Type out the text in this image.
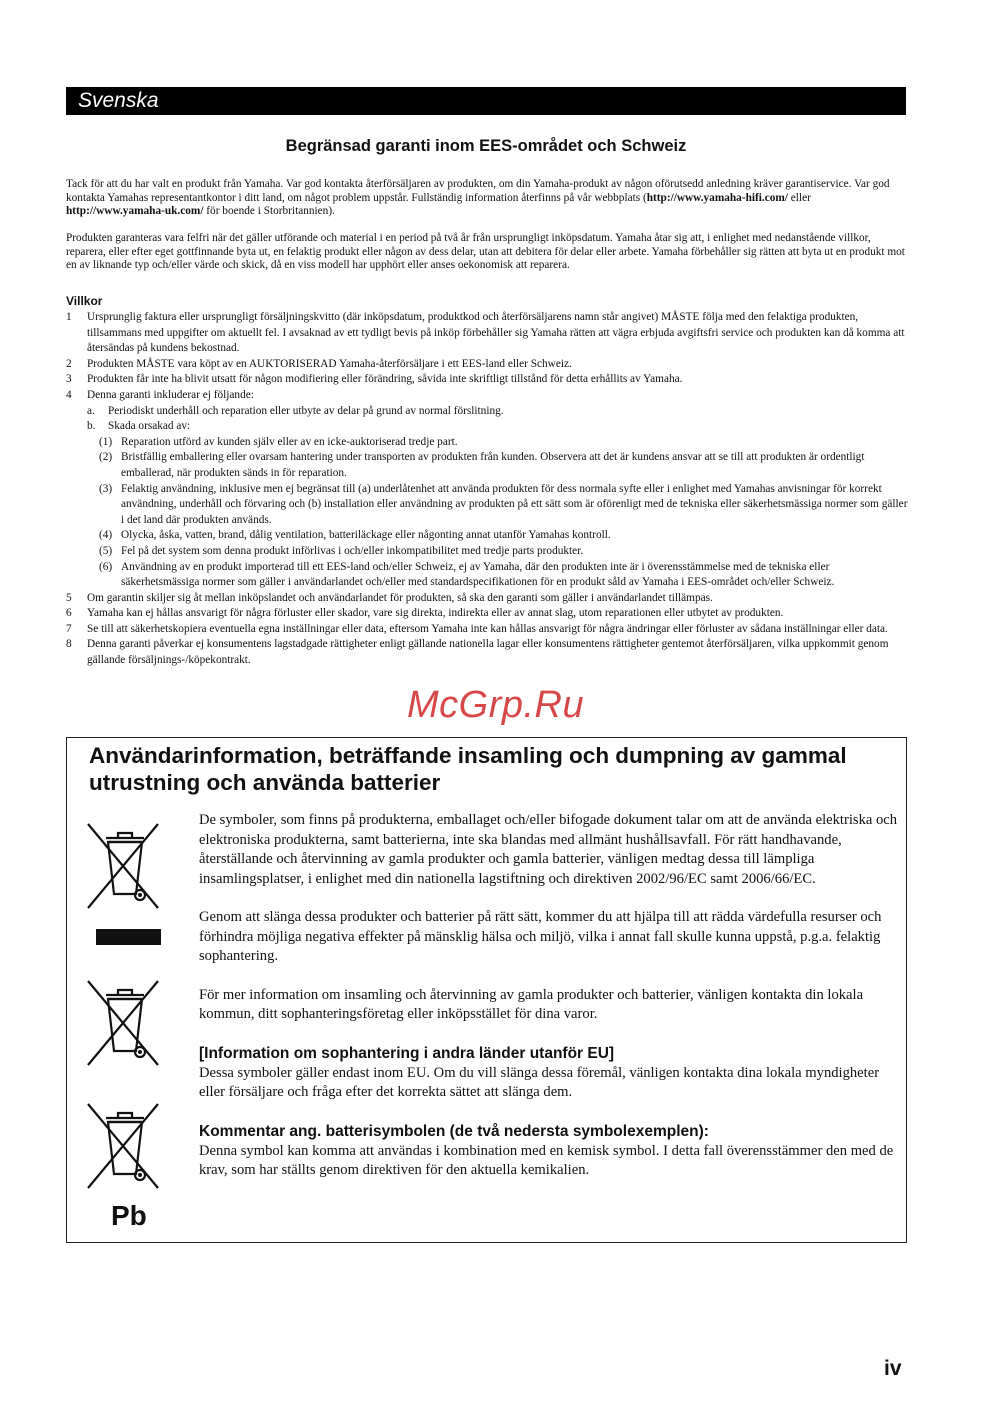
Svenska
Begränsad garanti inom EES-området och Schweiz
Tack för att du har valt en produkt från Yamaha. Var god kontakta återförsäljaren av produkten, om din Yamaha-produkt av någon oförutsedd anledning kräver garantiservice. Var god kontakta Yamahas representantkontor i ditt land, om något problem uppstår. Fullständig information återfinns på vår webbplats (http://www.yamaha-hifi.com/ eller http://www.yamaha-uk.com/ för boende i Storbritannien).
Produkten garanteras vara felfri när det gäller utförande och material i en period på två år från ursprungligt inköpsdatum. Yamaha åtar sig att, i enlighet med nedanstående villkor, reparera, eller efter eget gottfinnande byta ut, en felaktig produkt eller någon av dess delar, utan att debitera för delar eller arbete. Yamaha förbehåller sig rätten att byta ut en produkt mot en av liknande typ och/eller värde och skick, då en viss modell har upphört eller anses oekonomisk att reparera.
Villkor
1 Ursprunglig faktura eller ursprungligt försäljningskvitto (där inköpsdatum, produktkod och återförsäljarens namn står angivet) MÅSTE följa med den felaktiga produkten, tillsammans med uppgifter om aktuellt fel. I avsaknad av ett tydligt bevis på inköp förbehåller sig Yamaha rätten att vägra erbjuda avgiftsfri service och produkten kan då komma att återsändas på kundens bekostnad.
2 Produkten MÅSTE vara köpt av en AUKTORISERAD Yamaha-återförsäljare i ett EES-land eller Schweiz.
3 Produkten får inte ha blivit utsatt för någon modifiering eller förändring, såvida inte skriftligt tillstånd för detta erhållits av Yamaha.
4 Denna garanti inkluderar ej följande:
a. Periodiskt underhåll och reparation eller utbyte av delar på grund av normal förslitning.
b. Skada orsakad av:
(1) Reparation utförd av kunden själv eller av en icke-auktoriserad tredje part.
(2) Bristfällig emballering eller ovarsam hantering under transporten av produkten från kunden. Observera att det är kundens ansvar att se till att produkten är ordentligt emballerad, när produkten sänds in för reparation.
(3) Felaktig användning, inklusive men ej begränsat till (a) underlåtenhet att använda produkten för dess normala syfte eller i enlighet med Yamahas anvisningar för korrekt användning, underhåll och förvaring och (b) installation eller användning av produkten på ett sätt som är oförenligt med de tekniska eller säkerhetsmässiga normer som gäller i det land där produkten används.
(4) Olycka, åska, vatten, brand, dålig ventilation, batteriläckage eller någonting annat utanför Yamahas kontroll.
(5) Fel på det system som denna produkt införlivas i och/eller inkompatibilitet med tredje parts produkter.
(6) Användning av en produkt importerad till ett EES-land och/eller Schweiz, ej av Yamaha, där den produkten inte är i överensstämmelse med de tekniska eller säkerhetsmässiga normer som gäller i användarlandet och/eller med standardspecifikationen för en produkt såld av Yamaha i EES-området och/eller Schweiz.
5 Om garantin skiljer sig åt mellan inköpslandet och användarlandet för produkten, så ska den garanti som gäller i användarlandet tillämpas.
6 Yamaha kan ej hållas ansvarigt för några förluster eller skador, vare sig direkta, indirekta eller av annat slag, utom reparationen eller utbytet av produkten.
7 Se till att säkerhetskopiera eventuella egna inställningar eller data, eftersom Yamaha inte kan hållas ansvarigt för några ändringar eller förluster av sådana inställningar eller data.
8 Denna garanti påverkar ej konsumentens lagstadgade rättigheter enligt gällande nationella lagar eller konsumentens rättigheter gentemot återförsäljaren, vilka uppkommit genom gällande försäljnings-/köpekontrakt.
McGrp.Ru
Användarinformation, beträffande insamling och dumpning av gammal utrustning och använda batterier

De symboler, som finns på produkterna, emballaget och/eller bifogade dokument talar om att de använda elektriska och elektroniska produkterna, samt batterierna, inte ska blandas med allmänt hushållsavfall. För rätt handhavande, återställande och återvinning av gamla produkter och gamla batterier, vänligen medtag dessa till lämpliga insamlingsplatser, i enlighet med din nationella lagstiftning och direktiven 2002/96/EC samt 2006/66/EC.

Genom att slänga dessa produkter och batterier på rätt sätt, kommer du att hjälpa till att rädda värdefulla resurser och förhindra möjliga negativa effekter på mänsklig hälsa och miljö, vilka i annat fall skulle kunna uppstå, p.g.a. felaktig sophantering.

För mer information om insamling och återvinning av gamla produkter och batterier, vänligen kontakta din lokala kommun, ditt sophanteringsföretag eller inköpsstället för dina varor.

[Information om sophantering i andra länder utanför EU]

Dessa symboler gäller endast inom EU. Om du vill slänga dessa föremål, vänligen kontakta dina lokala myndigheter eller försäljare och fråga efter det korrekta sättet att slänga dem.

Kommentar ang. batterisymbolen (de två nedersta symbolexemplen):

Denna symbol kan komma att användas i kombination med en kemisk symbol. I detta fall överensstämmer den med de krav, som har ställts genom direktiven för den aktuella kemikalien.

Pb
iv
